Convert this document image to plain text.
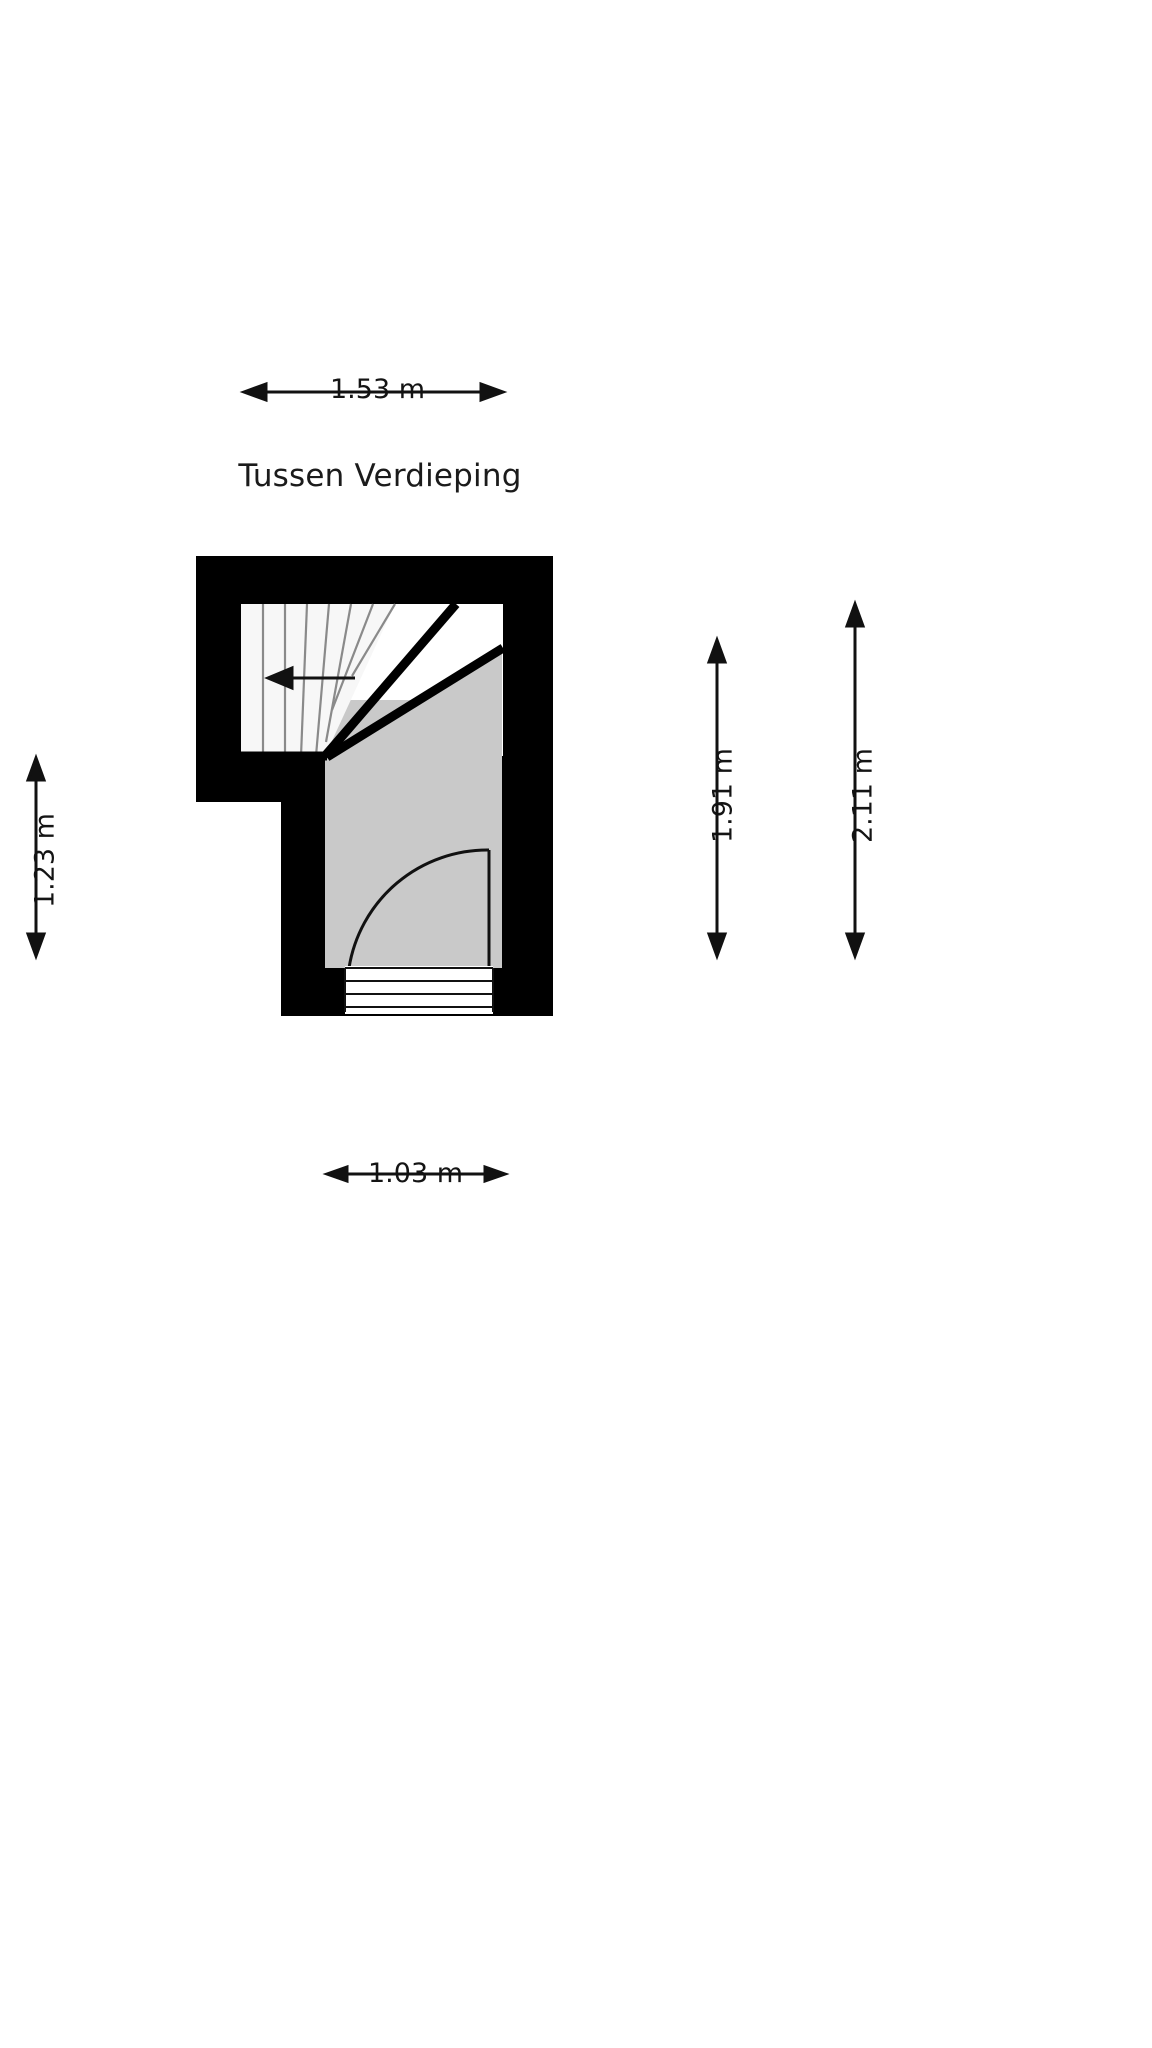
1.53 m
Tussen Verdieping
1.03 m
1.23 m
1.91 m	2.11 m
